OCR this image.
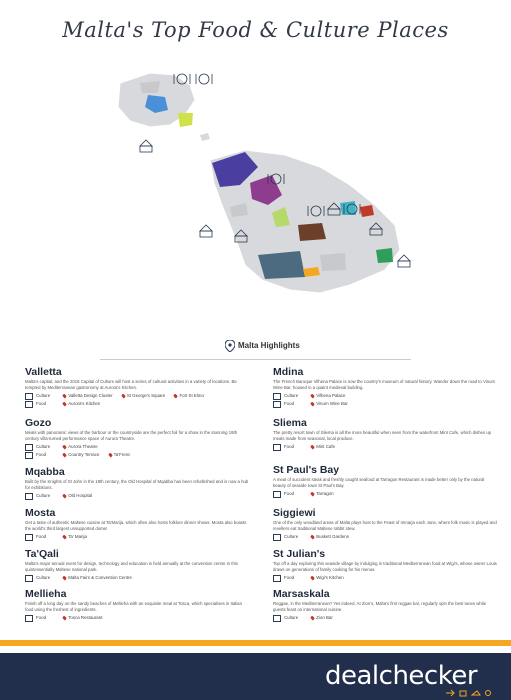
Malta's Top Food & Culture Places
Malta Highlights
Valletta

Malta's capital, and the 2018 Capital of Culture will host a series of cultural activities in a variety of locations. Be tempted by Mediterranean gastronomy at Aurora's Kitchen.

Culture	Valletta Design Cluster	St George's Square	Fort St Elmo
Food	Aurora's Kitchen
Gozo

Meals with panoramic views of the harbour or the countryside are the perfect foil for a show in the stunning 19th century villa-turned performance space of Aurora Theatre.

Culture	Aurora Theatre
Food	Country Terrace	Ta'Frenc
Mqabba

Built by the Knights of St John in the 18th century, the Old Hospital of Mqabba has been refurbished and is now a hub for exhibitions.

Culture	Old Hospital
Mosta

Get a taste of authentic Maltese cuisine at Ta'Marija, which often also hosts folklore dinner shows. Mosta also boasts the world's third largest unsupported dome!

Food	Ta' Marija
Ta'Qali

Malta's major annual event for design, technology and education is held annually at the convention centre in this quintessentially Maltese national park.

Culture	Malta Fairs & Convention Centre
Mellieha

Finish off a long day on the sandy beaches of Mellieha with an exquisite meal at Tosca, which specialises in Italian food using the freshest of ingredients.

Food	Tosca Restaurant
Mdina

The French Baroque Vilhena Palace is now the country's museum of natural history. Wander down the road to Vinum Wine Bar, housed in a quaint medieval building.

Culture	Vilhena Palace
Food	Vinum Wine Bar
Sliema

The pretty resort town of Sliema is all the more beautiful when seen from the waterfront Mint Cafe, which dishes up meals made from seasonal, local produce.

Food	Mint Cafe
St Paul's Bay

A meal of succulent steak and freshly caught seafood at Tarragon Restaurant is made better only by the natural beauty of seaside town St Paul's Bay.

Food	Tarragon
Siggiewi

One of the only woodland areas of Malta plays host to the Feast of Imnarja each June, where folk music is played and revellers eat traditional Maltese rabbit stew.

Culture	Buskett Gardens
St Julian's

Top off a day exploring this seaside village by indulging in traditional Mediterranean food at Wigi's, whose owner Louis draws on generations of family cooking for his menus.

Food	Wigi's Kitchen
Marsaskala

Reggae, in the Mediterranean? Yes indeed. At Zion's, Malta's first reggae bar, regularly spin the best tunes while guests feast on international cuisine.

Culture	Zion Bar
dealchecker
